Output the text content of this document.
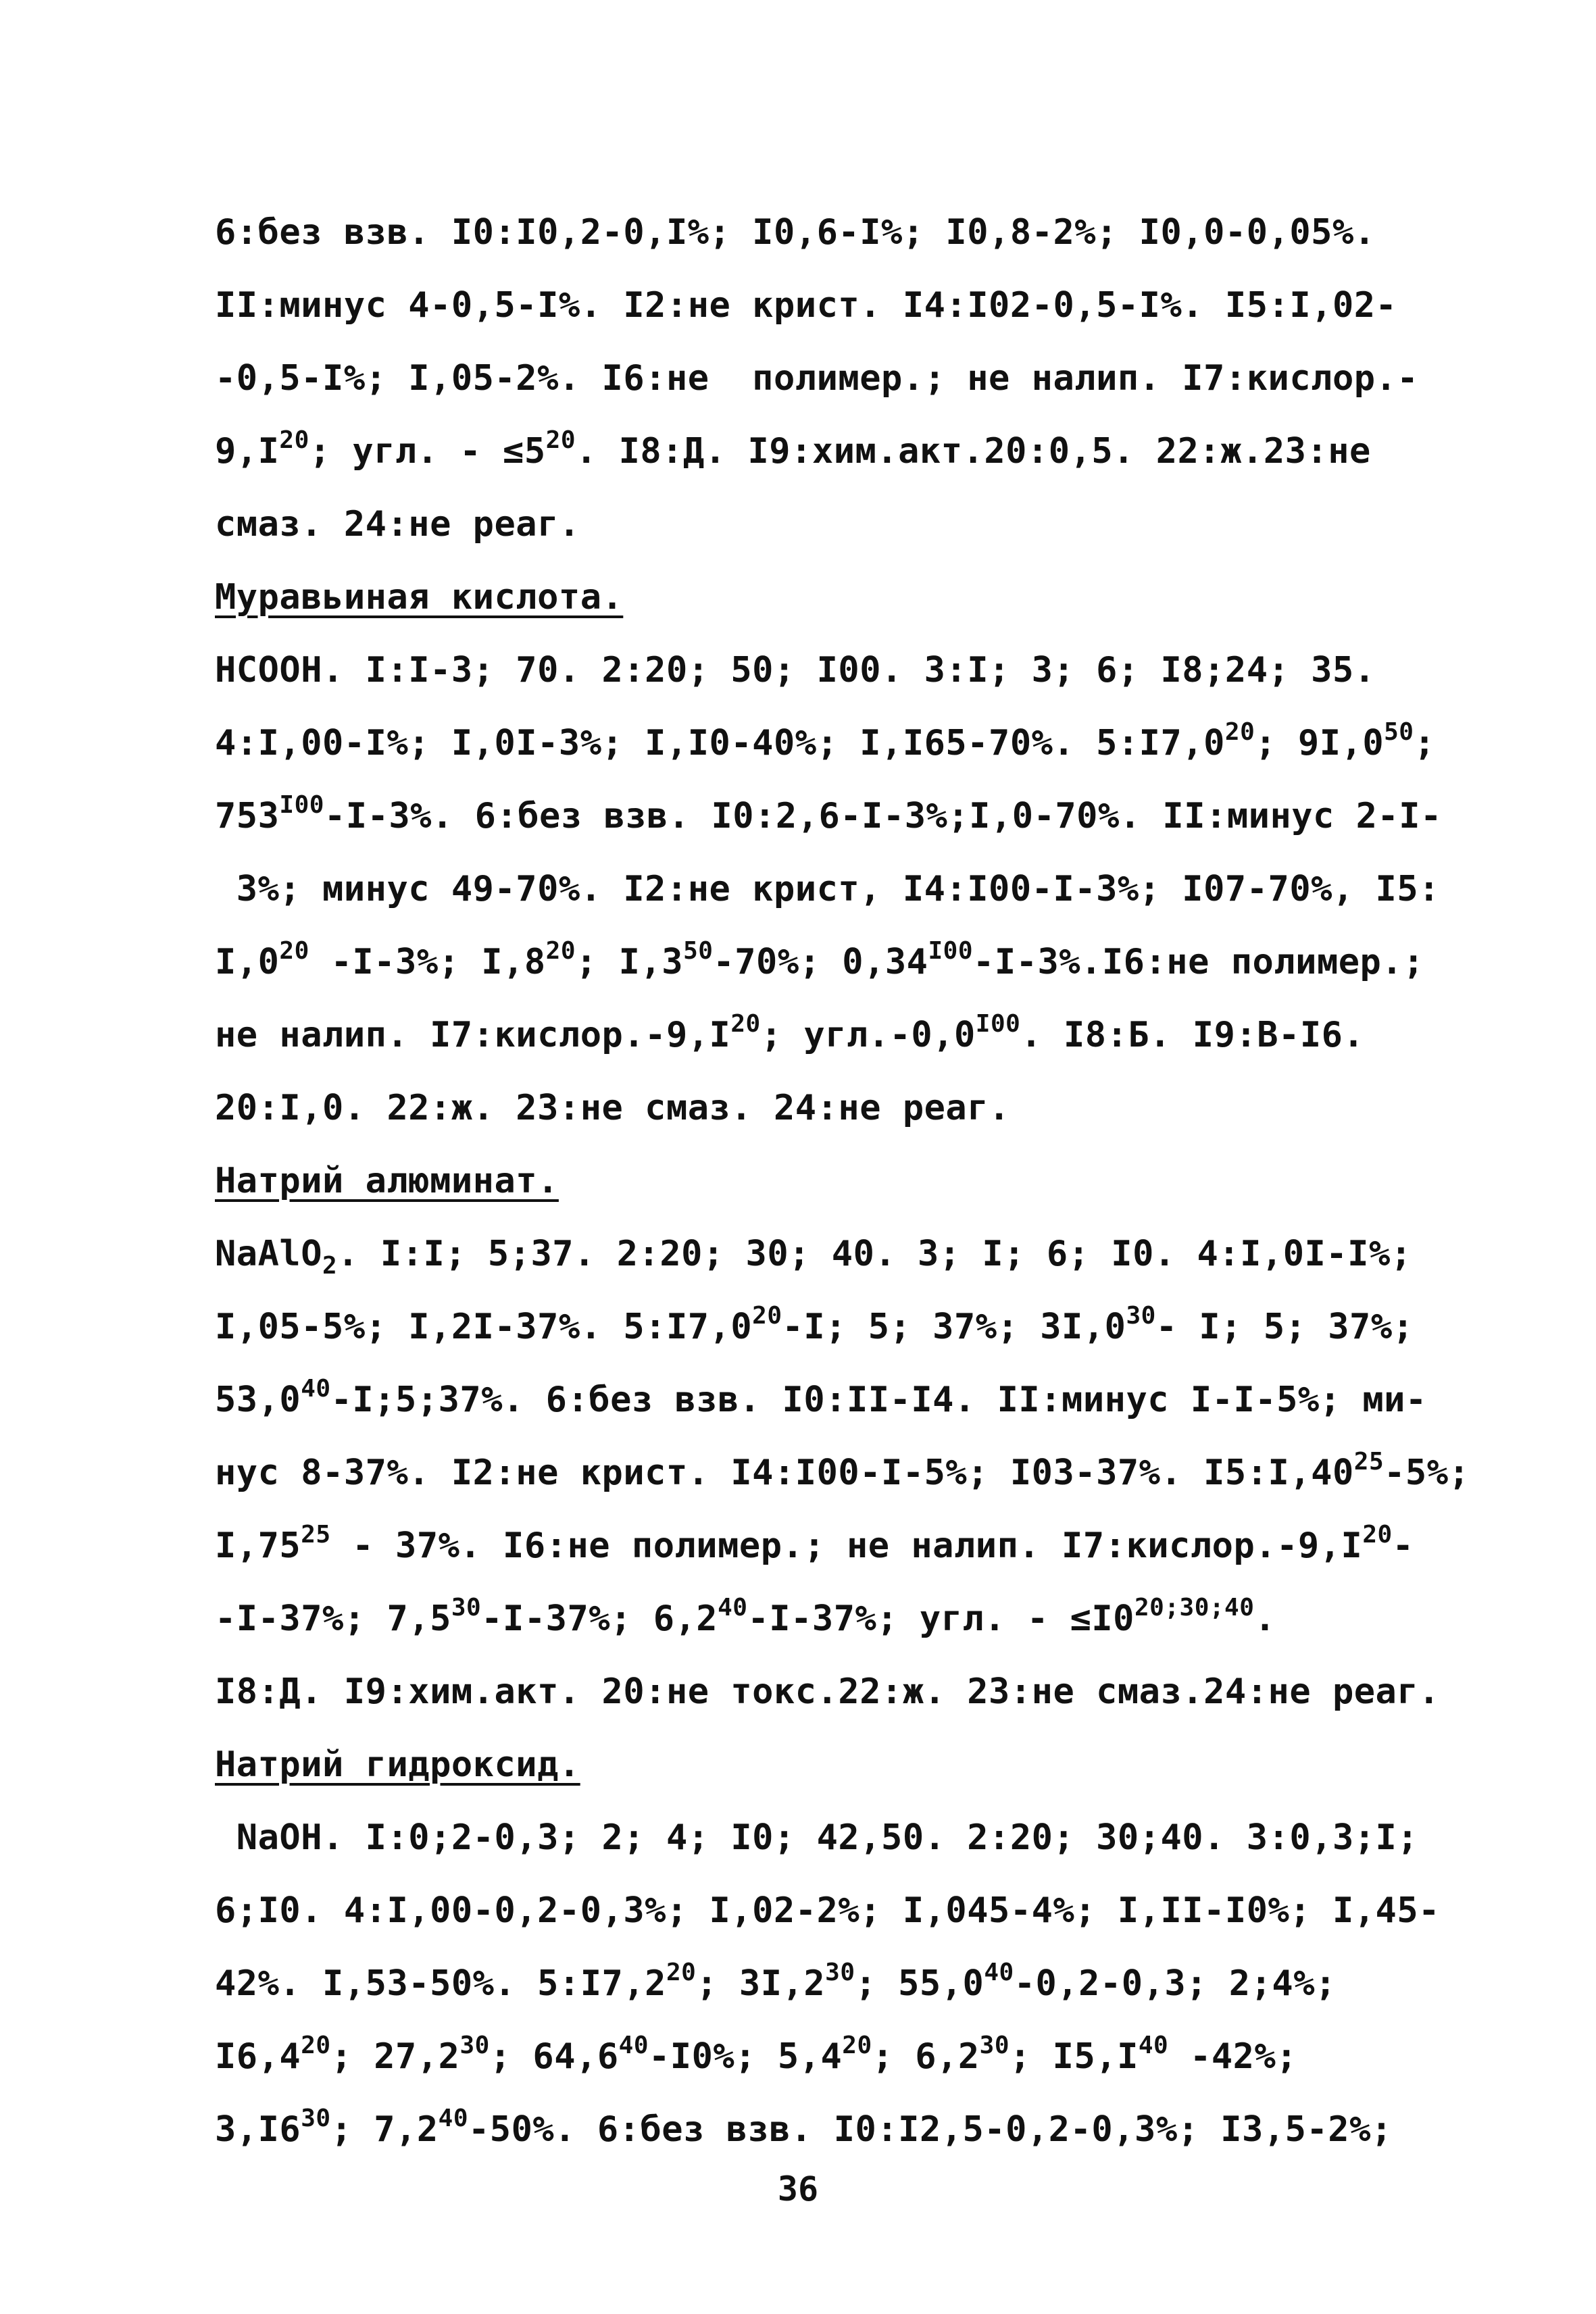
6:без взв. I0:I0,2-0,I%; I0,6-I%; I0,8-2%; I0,0-0,05%.
II:минус 4-0,5-I%. I2:не крист. I4:I02-0,5-I%. I5:I,02-
-0,5-I%; I,05-2%. I6:не  полимер.; не налип. I7:кислор.-
$9,I^{20}$; угл. - $\le 5^{20}$. I8:Д. I9:хим.акт.20:0,5. 22:ж.23:не
смаз. 24:не реаг.
Муравьиная кислота.
HCOOH. I:I-3; 70. 2:20; 50; I00. 3:I; 3; 6; I8;24; 35.
4:I,00-I%; I,0I-3%; I,I0-40%; I,I65-70%. $5:I7,0^{20}$; $9I,0^{50}$;
$753^{I00}-I-3\%$. 6:без взв. I0:2,6-I-3%;I,0-70%. II:минус 2-I-
3%; минус 49-70%. I2:не крист, I4:I00-I-3%; I07-70%, I5:
$I,0^{20}$ -I-3%; $I,8^{20}$; $I,3^{50}-70\%$; $0,34^{I00}-I-3\%.I6:не$ полимер.;
не налип. $I7:кислор.-9,I^{20}$; $угл.-0,0^{I00}$. I8:Б. I9:В-I6.
20:I,0. 22:ж. 23:не смаз. 24:не реаг.
Натрий алюминат.
NaAlO$_2$. I:I; 5;37. 2:20; 30; 40. 3; I; 6; I0. 4:I,0I-I%;
I,05-5%; I,2I-37%. $5:I7,0^{20}-I$; 5; 37%; $3I,0^{30}-$ I; 5; 37%;
53,0$^{40}$-I;5;37%. 6:без взв. I0:II-I4. II:минус I-I-5%; ми-
нус 8-37%. I2:не крист. I4:I00-I-5%; I03-37%. $I5:I,40^{25}-5\%$;
$I,75^{25} - 37\%$. I6:не полимер.; не налип. $I7:кислор.-9,I^{20}-$
-I-37%; $7,5^{30}-I-37\%$; $6,2^{40}-I-37\%$; угл. - $\le I0^{20;30;40}$.
I8:Д. I9:хим.акт. 20:не токс.22:ж. 23:не смаз.24:не реаг.
Натрий гидроксид.
NaOH. I:0;2-0,3; 2; 4; I0; 42,50. 2:20; 30;40. 3:0,3;I;
6;I0. 4:I,00-0,2-0,3%; I,02-2%; I,045-4%; I,II-I0%; I,45-
42%. I,53-50%. $5:I7,2^{20}$; $3I,2^{30}$; 55,0$^{40}$-0,2-0,3; 2;4%;
$I6,4^{20}$; 27,2$^{30}$; 64,6$^{40}$-I0%; $5,4^{20}$; $6,2^{30}$; $I5,I^{40}$ -42%;
$3,I6^{30}$; $7,2^{40}-50\%$. 6:без взв. I0:I2,5-0,2-0,3%; I3,5-2%;
36
